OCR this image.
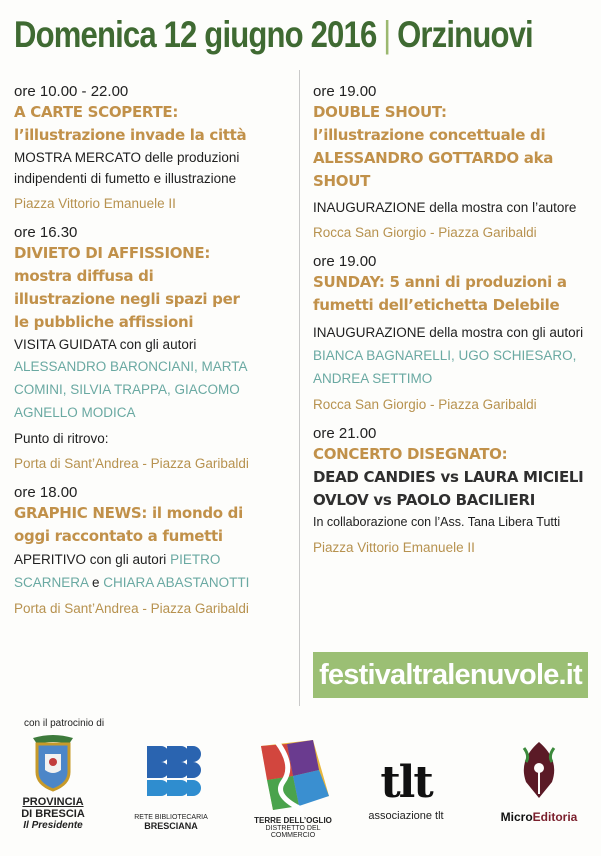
Domenica 12 giugno 2016 | Orzinuovi
ore 10.00 - 22.00
A CARTE SCOPERTE:
l’illustrazione invade la città
MOSTRA MERCATO delle produzioni indipendenti di fumetto e illustrazione
Piazza Vittorio Emanuele II
ore 16.30
DIVIETO DI AFFISSIONE:
mostra diffusa di
illustrazione negli spazi per
le pubbliche affissioni
VISITA GUIDATA con gli autori
ALESSANDRO BARONCIANI, MARTA COMINI, SILVIA TRAPPA, GIACOMO AGNELLO MODICA
Punto di ritrovo:
Porta di Sant’Andrea - Piazza Garibaldi
ore 18.00
GRAPHIC NEWS: il mondo di
oggi raccontato a fumetti
APERITIVO con gli autori PIETRO SCARNERA e CHIARA ABASTANOTTI
Porta di Sant’Andrea - Piazza Garibaldi
ore 19.00
DOUBLE SHOUT:
l’illustrazione concettuale di
ALESSANDRO GOTTARDO aka
SHOUT
INAUGURAZIONE della mostra con l’autore
Rocca San Giorgio - Piazza Garibaldi
ore 19.00
SUNDAY: 5 anni di produzioni a
fumetti dell’etichetta Delebile
INAUGURAZIONE della mostra con gli autori BIANCA BAGNARELLI, UGO SCHIESARO, ANDREA SETTIMO
Rocca San Giorgio - Piazza Garibaldi
ore 21.00
CONCERTO DISEGNATO:
DEAD CANDIES vs LAURA MICIELI
OVLOV vs PAOLO BACILIERI
In collaborazione con l’Ass. Tana Libera Tutti
Piazza Vittorio Emanuele II
festivaltralenuvole.it
con il patrocinio di
PROVINCIA
DI BRESCIA
Il Presidente
RETE BIBLIOTECARIA
BRESCIANA
TERRE DELL’OGLIO
DISTRETTO DEL COMMERCIO
tlt
associazione tlt	MicroEditoria
